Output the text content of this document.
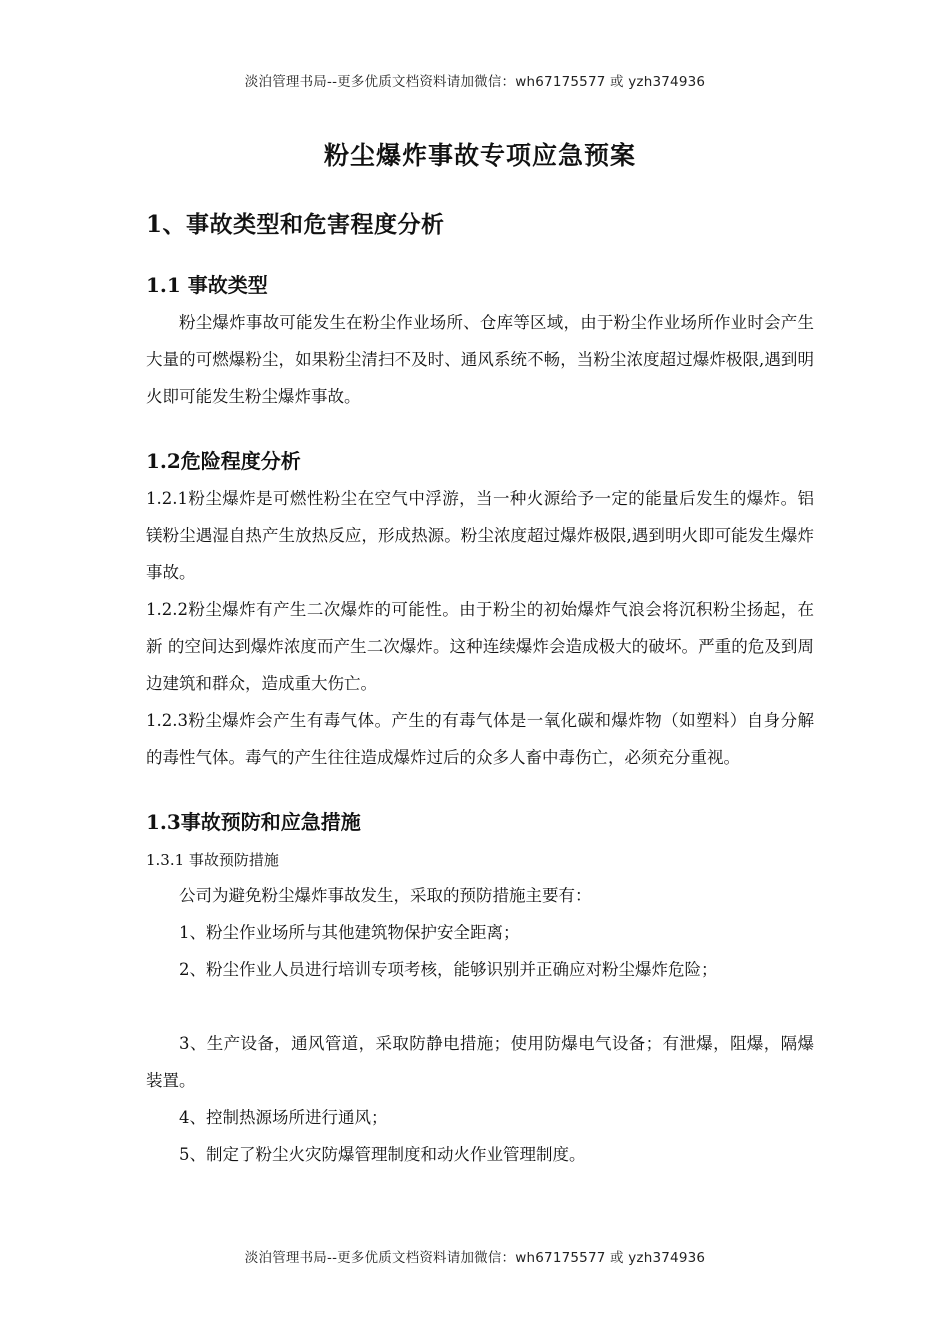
淡泊管理书局--更多优质文档资料请加微信：wh67175577 或 yzh374936
粉尘爆炸事故专项应急预案
1、事故类型和危害程度分析
1.1 事故类型
粉尘爆炸事故可能发生在粉尘作业场所、仓库等区域，由于粉尘作业场所作业时会产生大量的可燃爆粉尘，如果粉尘清扫不及时、通风系统不畅，当粉尘浓度超过爆炸极限,遇到明火即可能发生粉尘爆炸事故。
1.2危险程度分析
1.2.1粉尘爆炸是可燃性粉尘在空气中浮游，当一种火源给予一定的能量后发生的爆炸。铝镁粉尘遇湿自热产生放热反应，形成热源。粉尘浓度超过爆炸极限,遇到明火即可能发生爆炸事故。
1.2.2粉尘爆炸有产生二次爆炸的可能性。由于粉尘的初始爆炸气浪会将沉积粉尘扬起，在新 的空间达到爆炸浓度而产生二次爆炸。这种连续爆炸会造成极大的破坏。严重的危及到周边建筑和群众，造成重大伤亡。
1.2.3粉尘爆炸会产生有毒气体。产生的有毒气体是一氧化碳和爆炸物（如塑料）自身分解的毒性气体。毒气的产生往往造成爆炸过后的众多人畜中毒伤亡，必须充分重视。
1.3事故预防和应急措施
1.3.1 事故预防措施
公司为避免粉尘爆炸事故发生，采取的预防措施主要有：
1、粉尘作业场所与其他建筑物保护安全距离；
2、粉尘作业人员进行培训专项考核，能够识别并正确应对粉尘爆炸危险；
3、生产设备，通风管道，采取防静电措施；使用防爆电气设备；有泄爆，阻爆，隔爆装置。
4、控制热源场所进行通风；
5、制定了粉尘火灾防爆管理制度和动火作业管理制度。
淡泊管理书局--更多优质文档资料请加微信：wh67175577 或 yzh374936
